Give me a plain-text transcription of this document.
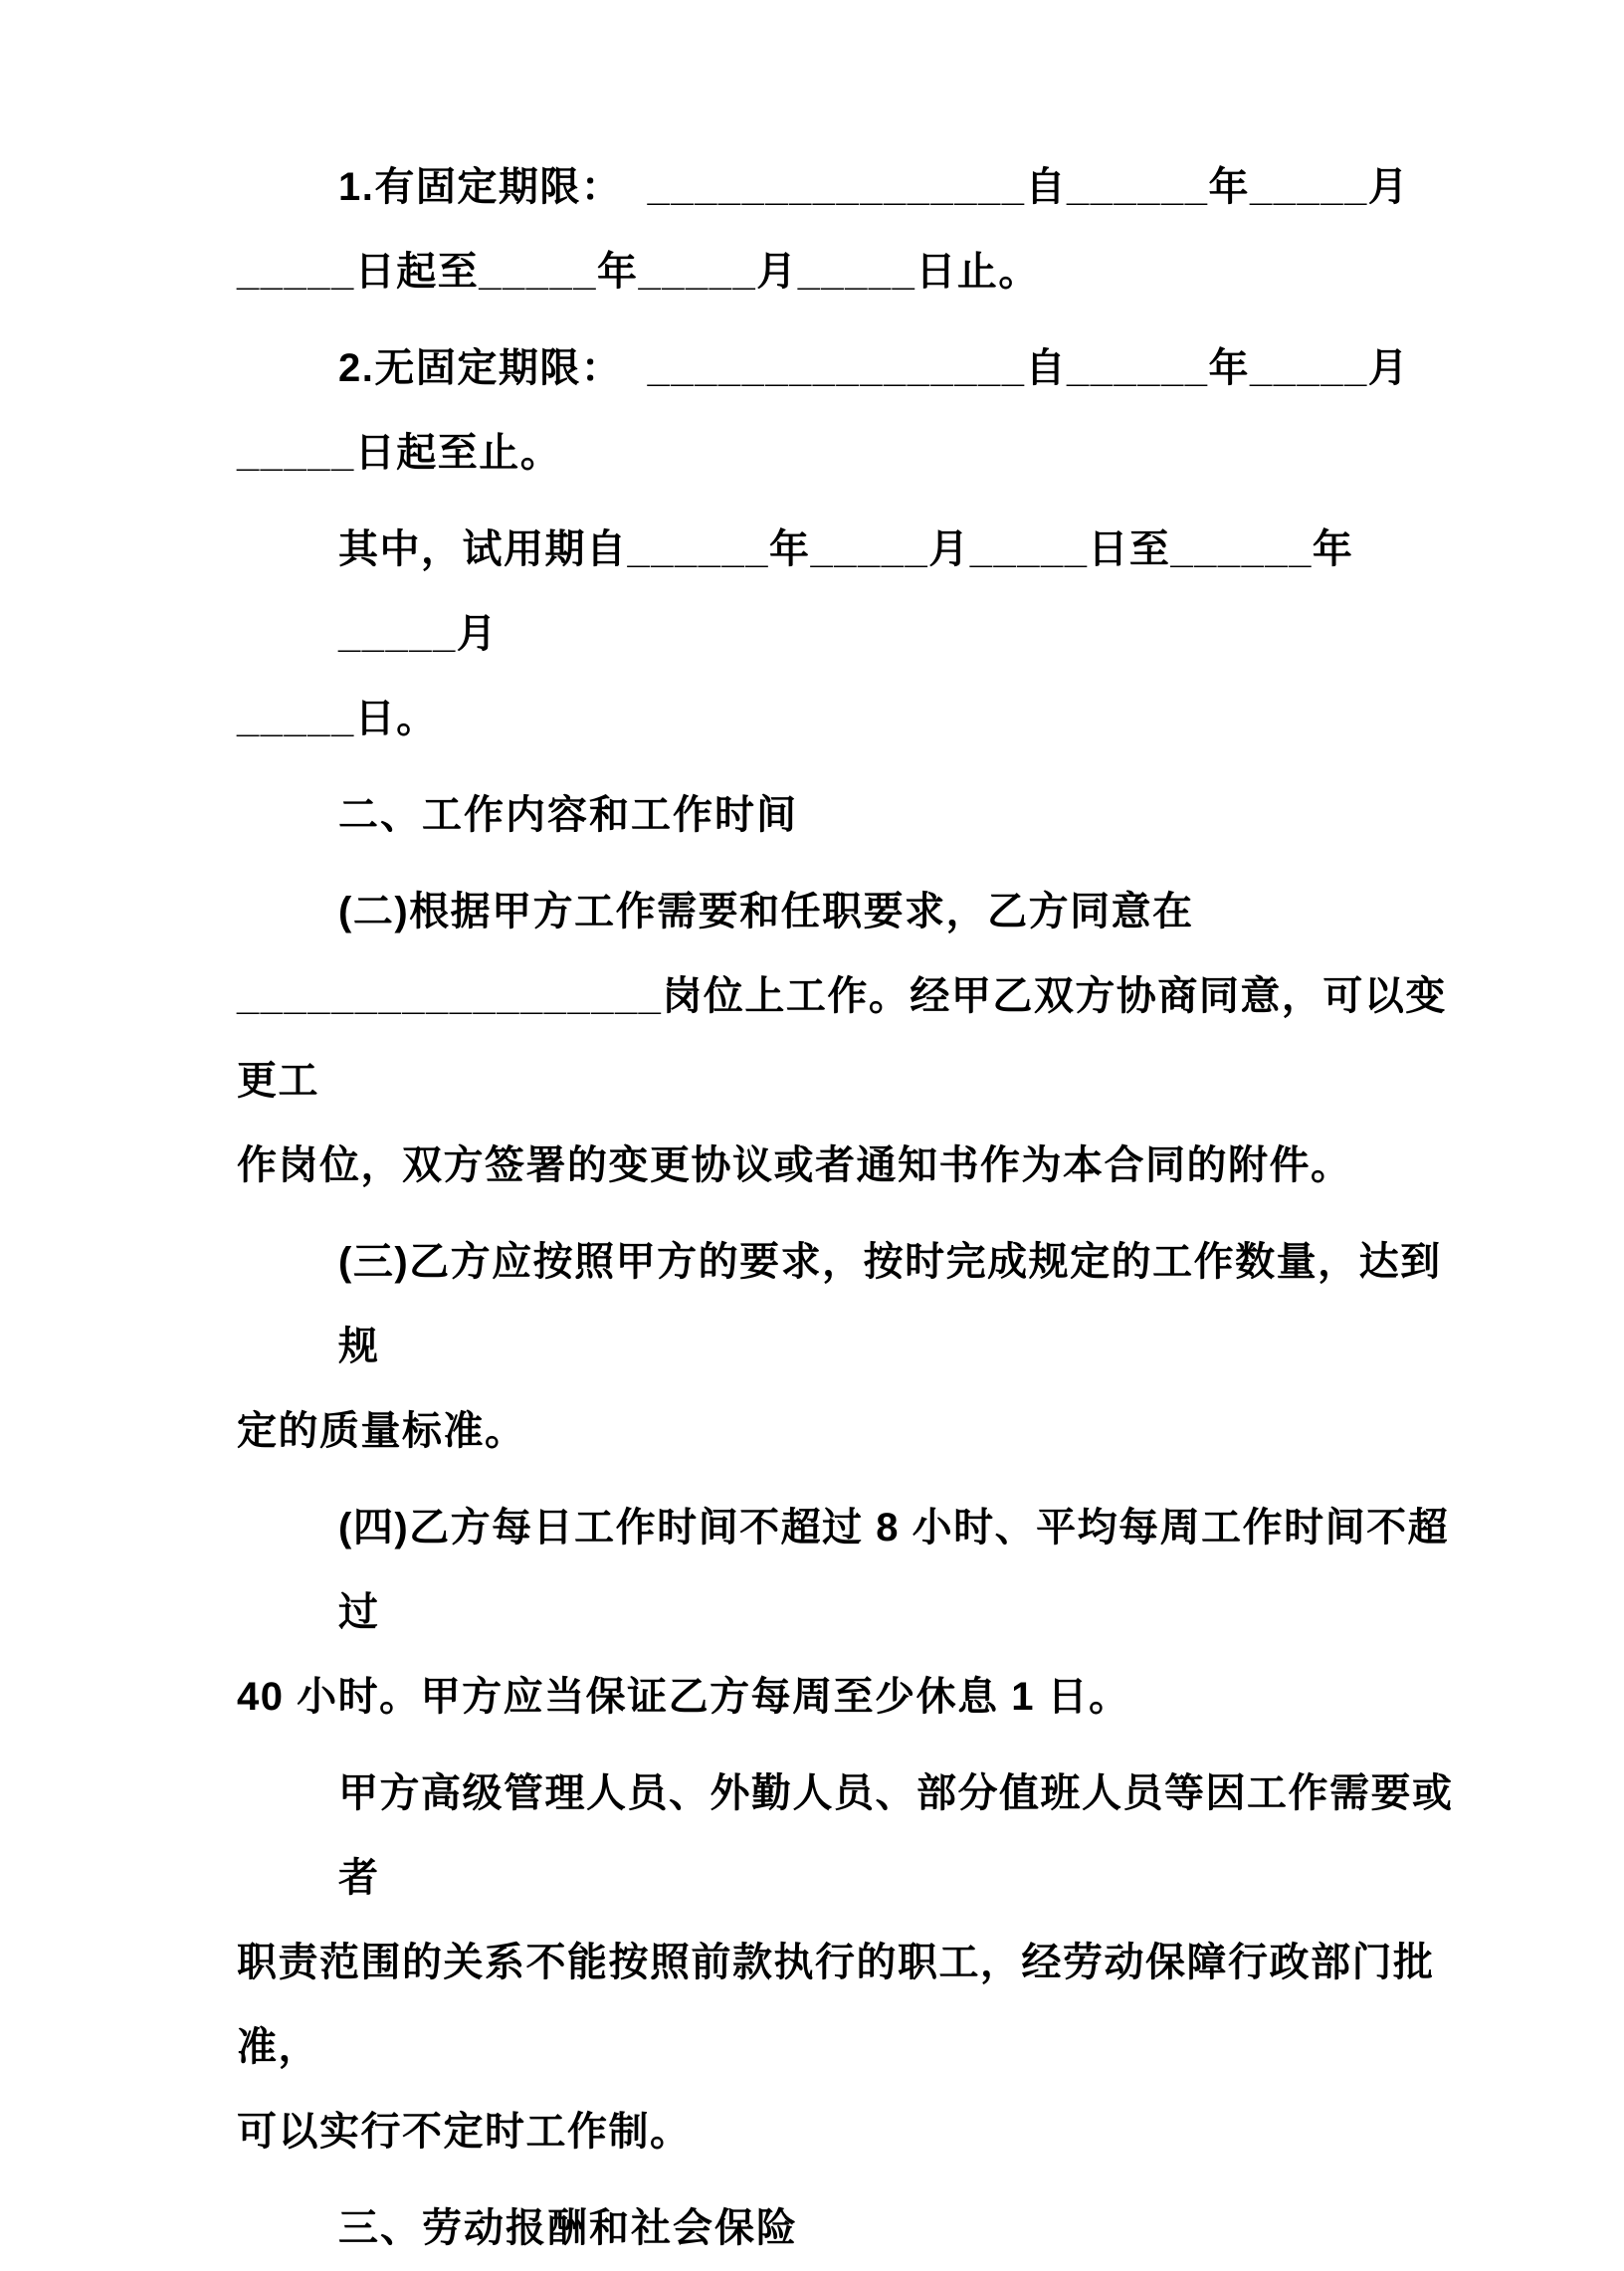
1.有固定期限：  ________________自______年_____月
_____日起至_____年_____月_____日止。

2.无固定期限：  ________________自______年_____月
_____日起至止。

其中，试用期自______年_____月_____日至______年_____月
_____日。

二、工作内容和工作时间

(二)根据甲方工作需要和任职要求，乙方同意在
__________________岗位上工作。经甲乙双方协商同意，可以变更工
作岗位，双方签署的变更协议或者通知书作为本合同的附件。

(三)乙方应按照甲方的要求，按时完成规定的工作数量，达到规
定的质量标准。

(四)乙方每日工作时间不超过 8 小时、平均每周工作时间不超过
40 小时。甲方应当保证乙方每周至少休息 1 日。

甲方高级管理人员、外勤人员、部分值班人员等因工作需要或者
职责范围的关系不能按照前款执行的职工，经劳动保障行政部门批准，
可以实行不定时工作制。

三、劳动报酬和社会保险
